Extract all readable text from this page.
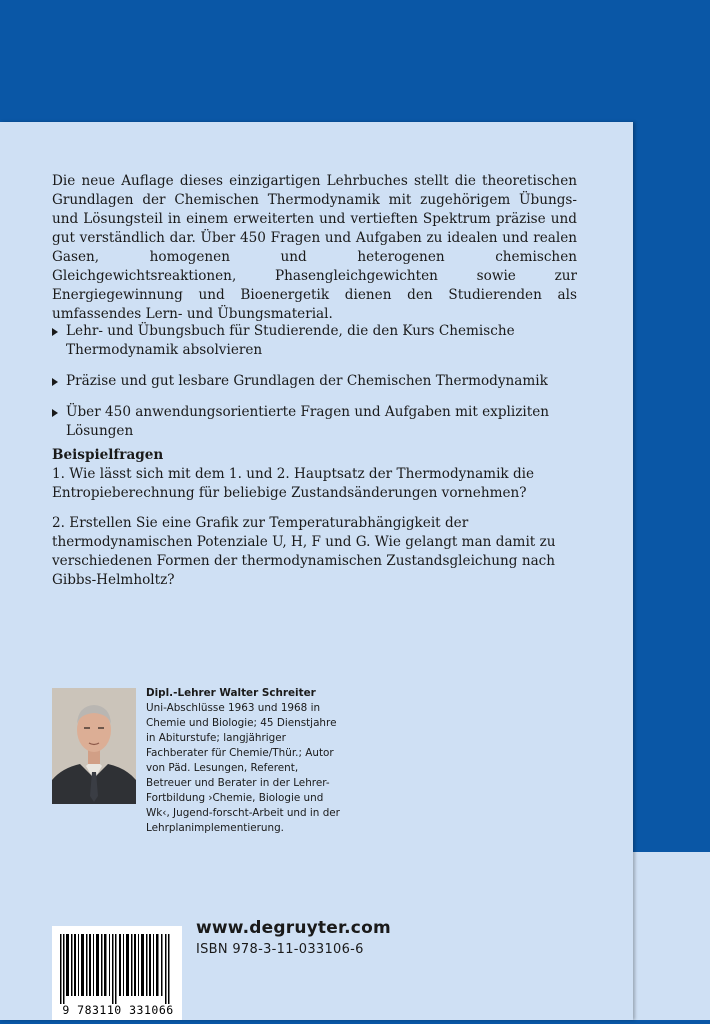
Die neue Auflage dieses einzigartigen Lehrbuches stellt die theoretischen Grundlagen der Chemischen Thermodynamik mit zugehörigem Übungs- und Lösungsteil in einem erweiterten und vertieften Spektrum präzise und gut verständlich dar. Über 450 Fragen und Aufgaben zu idealen und realen Gasen, homogenen und heterogenen chemischen Gleichgewichtsreaktionen, Phasengleichgewichten sowie zur Energiegewinnung und Bioenergetik dienen den Studierenden als umfassendes Lern- und Übungsmaterial.

Lehr- und Übungsbuch für Studierende, die den Kurs Chemische Thermodynamik absolvieren
Präzise und gut lesbare Grundlagen der Chemischen Thermodynamik
Über 450 anwendungsorientierte Fragen und Aufgaben mit expliziten Lösungen

Beispielfragen

1. Wie lässt sich mit dem 1. und 2. Hauptsatz der Thermodynamik die Entropieberechnung für beliebige Zustandsänderungen vornehmen?

2. Erstellen Sie eine Grafik zur Temperaturabhängigkeit der thermodynamischen Potenziale U, H, F und G. Wie gelangt man damit zu verschiedenen Formen der thermodynamischen Zustandsgleichung nach Gibbs-Helmholtz?

Dipl.-Lehrer Walter Schreiter

Uni-Abschlüsse 1963 und 1968 in Chemie und Biologie; 45 Dienstjahre in Abiturstufe; langjähriger Fachberater für Chemie/Thür.; Autor von Päd. Lesungen, Referent, Betreuer und Berater in der Lehrer-Fortbildung ›Chemie, Biologie und Wk‹, Jugend-forscht-Arbeit und in der Lehrplanimplementierung.

9 783110 331066
www.degruyter.com
ISBN 978-3-11-033106-6
